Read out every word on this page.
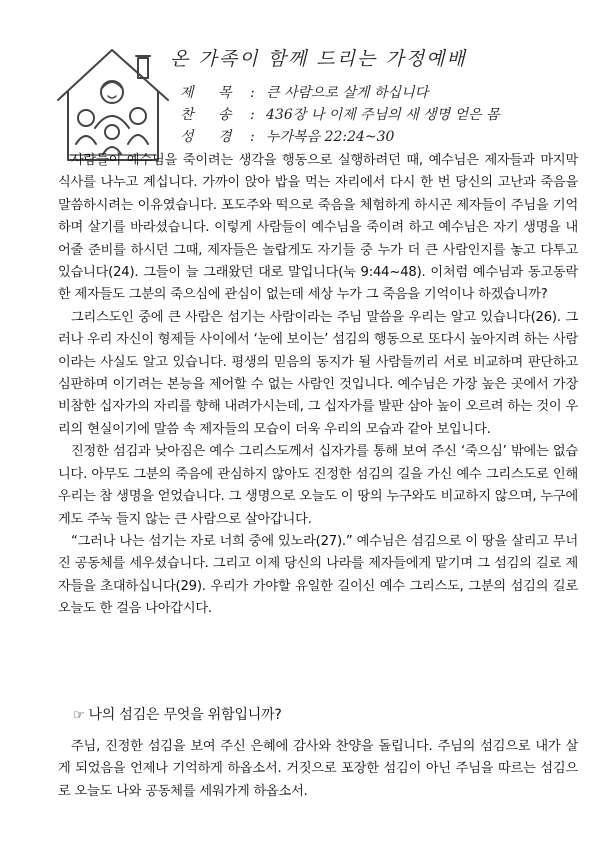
온 가족이 함께 드리는 가정예배
제 목 : 큰 사람으로 살게 하십니다
찬 송 : 436장 나 이제 주님의 새 생명 얻은 몸
성 경 : 누가복음 22:24~30

사람들이 예수님을 죽이려는 생각을 행동으로 실행하려던 때, 예수님은 제자들과 마지막 식사를 나누고 계십니다. 가까이 앉아 밥을 먹는 자리에서 다시 한 번 당신의 고난과 죽음을 말씀하시려는 이유였습니다. 포도주와 떡으로 죽음을 체험하게 하시곤 제자들이 주님을 기억하며 살기를 바라셨습니다. 이렇게 사람들이 예수님을 죽이려 하고 예수님은 자기 생명을 내어줄 준비를 하시던 그때, 제자들은 놀랍게도 자기들 중 누가 더 큰 사람인지를 놓고 다투고 있습니다(24). 그들이 늘 그래왔던 대로 말입니다(눅 9:44~48). 이처럼 예수님과 동고동락한 제자들도 그분의 죽으심에 관심이 없는데 세상 누가 그 죽음을 기억이나 하겠습니까?

그리스도인 중에 큰 사람은 섬기는 사람이라는 주님 말씀을 우리는 알고 있습니다(26). 그러나 우리 자신이 형제들 사이에서 ‘눈에 보이는’ 섬김의 행동으로 또다시 높아지려 하는 사람이라는 사실도 알고 있습니다. 평생의 믿음의 동지가 될 사람들끼리 서로 비교하며 판단하고 심판하며 이기려는 본능을 제어할 수 없는 사람인 것입니다. 예수님은 가장 높은 곳에서 가장 비참한 십자가의 자리를 향해 내려가시는데, 그 십자가를 발판 삼아 높이 오르려 하는 것이 우리의 현실이기에 말씀 속 제자들의 모습이 더욱 우리의 모습과 같아 보입니다.

진정한 섬김과 낮아짐은 예수 그리스도께서 십자가를 통해 보여 주신 ‘죽으심’ 밖에는 없습니다. 아무도 그분의 죽음에 관심하지 않아도 진정한 섬김의 길을 가신 예수 그리스도로 인해 우리는 참 생명을 얻었습니다. 그 생명으로 오늘도 이 땅의 누구와도 비교하지 않으며, 누구에게도 주눅 들지 않는 큰 사람으로 살아갑니다.

“그러나 나는 섬기는 자로 너희 중에 있노라(27).” 예수님은 섬김으로 이 땅을 살리고 무너진 공동체를 세우셨습니다. 그리고 이제 당신의 나라를 제자들에게 맡기며 그 섬김의 길로 제자들을 초대하십니다(29). 우리가 가야할 유일한 길이신 예수 그리스도, 그분의 섬김의 길로 오늘도 한 걸음 나아갑시다.

☞ 나의 섬김은 무엇을 위함입니까?

주님, 진정한 섬김을 보여 주신 은혜에 감사와 찬양을 돌립니다. 주님의 섬김으로 내가 살게 되었음을 언제나 기억하게 하옵소서. 거짓으로 포장한 섬김이 아닌 주님을 따르는 섬김으로 오늘도 나와 공동체를 세워가게 하옵소서.
